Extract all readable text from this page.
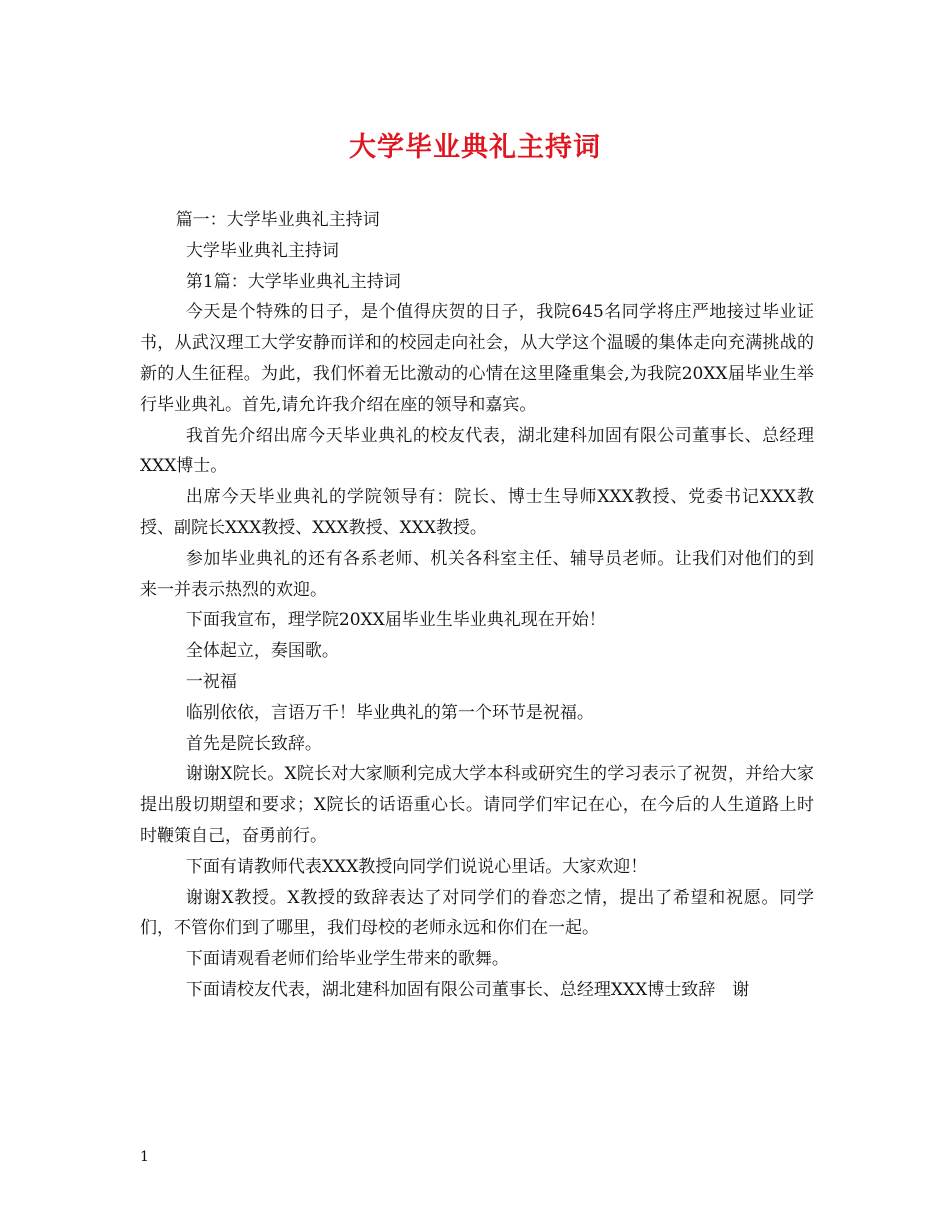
大学毕业典礼主持词

篇一：大学毕业典礼主持词

大学毕业典礼主持词

第1篇：大学毕业典礼主持词

今天是个特殊的日子，是个值得庆贺的日子，我院645名同学将庄严地接过毕业证书，从武汉理工大学安静而详和的校园走向社会，从大学这个温暖的集体走向充满挑战的新的人生征程。为此，我们怀着无比激动的心情在这里隆重集会,为我院20XX届毕业生举行毕业典礼。首先,请允许我介绍在座的领导和嘉宾。

我首先介绍出席今天毕业典礼的校友代表，湖北建科加固有限公司董事长、总经理XXX博士。

出席今天毕业典礼的学院领导有：院长、博士生导师XXX教授、党委书记XXX教授、副院长XXX教授、XXX教授、XXX教授。

参加毕业典礼的还有各系老师、机关各科室主任、辅导员老师。让我们对他们的到来一并表示热烈的欢迎。

下面我宣布，理学院20XX届毕业生毕业典礼现在开始！

全体起立，奏国歌。

一祝福

临别依依，言语万千！毕业典礼的第一个环节是祝福。

首先是院长致辞。

谢谢X院长。X院长对大家顺利完成大学本科或研究生的学习表示了祝贺，并给大家提出殷切期望和要求；X院长的话语重心长。请同学们牢记在心，在今后的人生道路上时时鞭策自己，奋勇前行。

下面有请教师代表XXX教授向同学们说说心里话。大家欢迎！

谢谢X教授。X教授的致辞表达了对同学们的眷恋之情，提出了希望和祝愿。同学们，不管你们到了哪里，我们母校的老师永远和你们在一起。

下面请观看老师们给毕业学生带来的歌舞。

下面请校友代表，湖北建科加固有限公司董事长、总经理XXX博士致辞　谢

1
